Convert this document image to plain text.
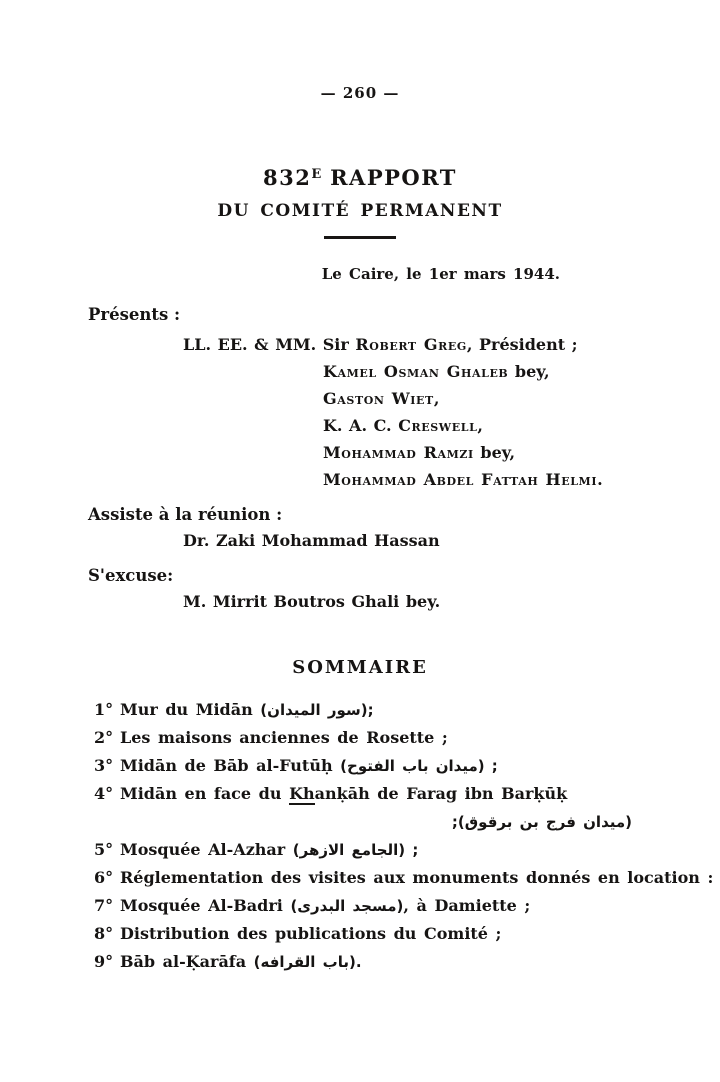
— 260 —
$832^E$ RAPPORT
DU COMITÉ PERMANENT
Le Caire, le 1er mars 1944.
Présents :
LL. EE. & MM. Sir Robert Greg, Président ;
Kamel Osman Ghaleb bey,
Gaston Wiet,
K. A. C. Creswell,
Mohammad Ramzi bey,
Mohammad Abdel Fattah Helmi.
Assiste à la réunion :
Dr. Zaki Mohammad Hassan
S'excuse:
M. Mirrit Boutros Ghali bey.
SOMMAIRE
1° Mur du Midān (سور الميدان);
2° Les maisons anciennes de Rosette ;
3° Midān de Bāb al-Futūḥ (ميدان باب الفتوح) ;
4° Midān en face du Khanḳāh de Farag ibn Barḳūḳ
(ميدان فرج بن برقوق);
5° Mosquée Al-Azhar (الجامع الازهر) ;
6° Réglementation des visites aux monuments donnés en location :
7° Mosquée Al-Badri (مسجد البدرى), à Damiette ;
8° Distribution des publications du Comité ;
9° Bāb al-Ḳarāfa (باب القرافه).
